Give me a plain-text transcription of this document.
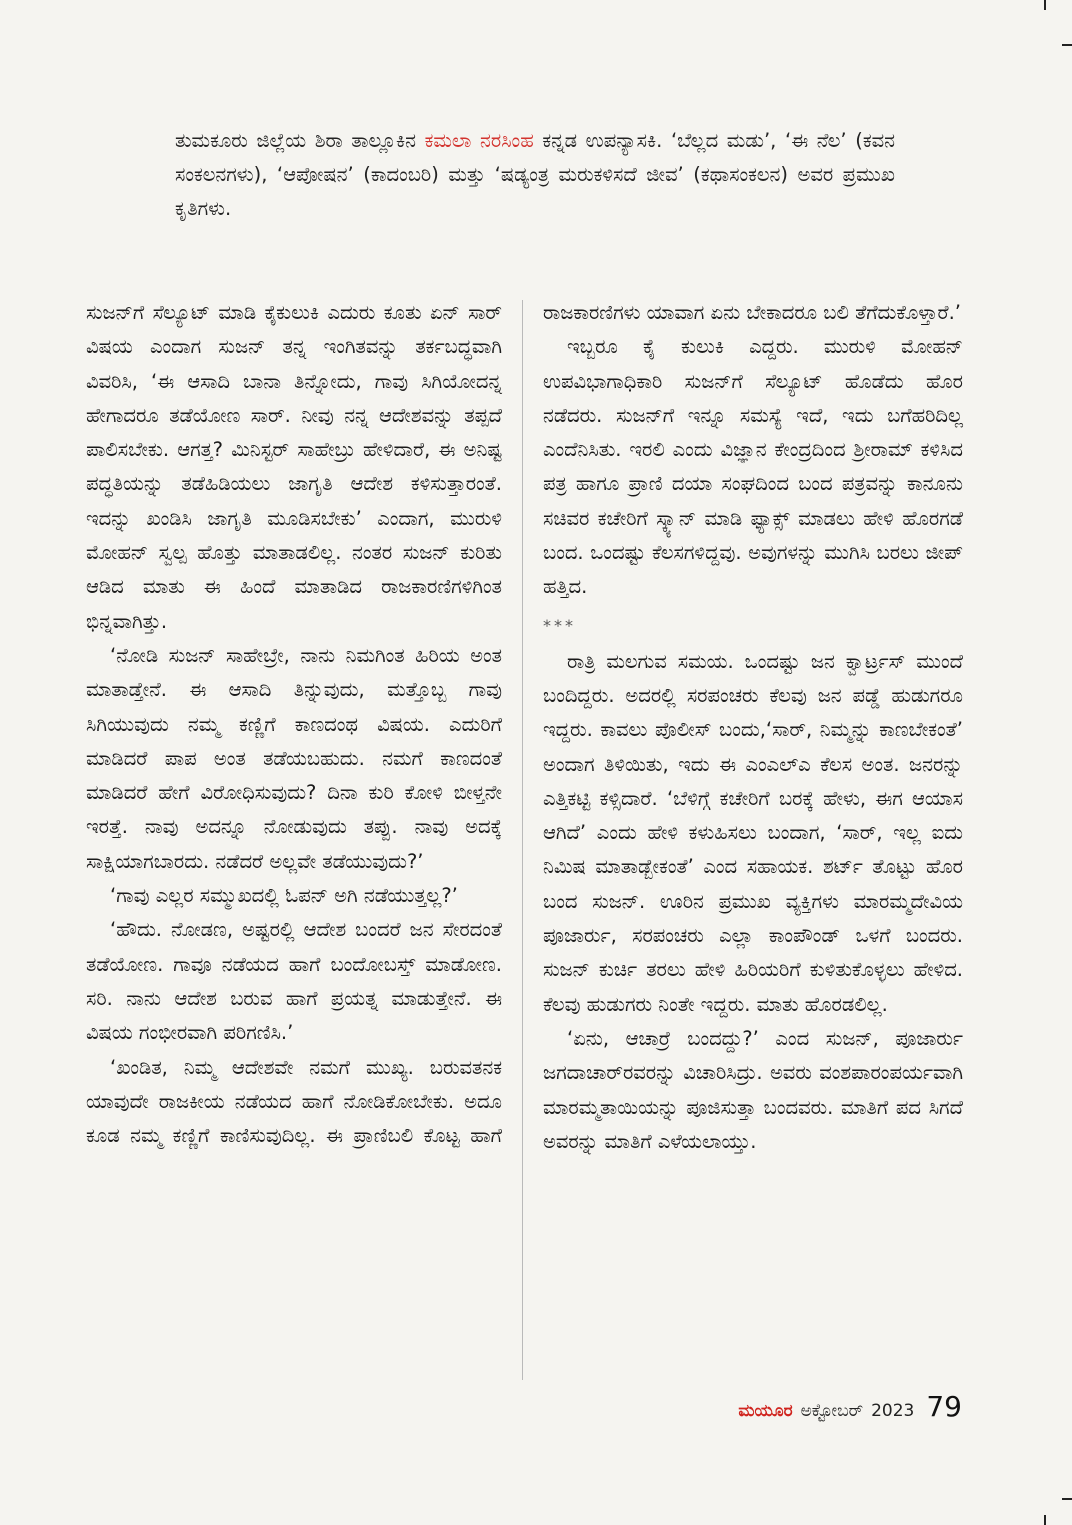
ತುಮಕೂರು ಜಿಲ್ಲೆಯ ಶಿರಾ ತಾಲ್ಲೂಕಿನ ಕಮಲಾ ನರಸಿಂಹ ಕನ್ನಡ ಉಪನ್ಯಾಸಕಿ. ‘ಬೆಲ್ಲದ ಮಡು’, ‘ಈ ನೆಲ’ (ಕವನ ಸಂಕಲನಗಳು), ‘ಆಪೋಷನ’ (ಕಾದಂಬರಿ) ಮತ್ತು ‘ಷಡ್ಯಂತ್ರ ಮರುಕಳಿಸದೆ ಜೀವ’ (ಕಥಾಸಂಕಲನ) ಅವರ ಪ್ರಮುಖ ಕೃತಿಗಳು.

ಸುಜನ್‌ಗೆ ಸೆಲ್ಯೂಟ್ ಮಾಡಿ ಕೈಕುಲುಕಿ ಎದುರು ಕೂತು ಏನ್ ಸಾರ್ ವಿಷಯ ಎಂದಾಗ ಸುಜನ್ ತನ್ನ ಇಂಗಿತವನ್ನು ತರ್ಕಬದ್ಧವಾಗಿ ವಿವರಿಸಿ, ‘ಈ ಆಸಾದಿ ಬಾನಾ ತಿನ್ನೋದು, ಗಾವು ಸಿಗಿಯೋದನ್ನ ಹೇಗಾದರೂ ತಡೆಯೋಣ ಸಾರ್. ನೀವು ನನ್ನ ಆದೇಶವನ್ನು ತಪ್ಪದೆ ಪಾಲಿಸಬೇಕು. ಆಗತ್ತ? ಮಿನಿಸ್ಟರ್ ಸಾಹೇಬ್ರು ಹೇಳಿದಾರೆ, ಈ ಅನಿಷ್ಟ ಪದ್ಧತಿಯನ್ನು ತಡೆಹಿಡಿಯಲು ಜಾಗೃತಿ ಆದೇಶ ಕಳಿಸುತ್ತಾರಂತೆ. ಇದನ್ನು ಖಂಡಿಸಿ ಜಾಗೃತಿ ಮೂಡಿಸಬೇಕು’ ಎಂದಾಗ, ಮುರುಳಿ ಮೋಹನ್ ಸ್ವಲ್ಪ ಹೊತ್ತು ಮಾತಾಡಲಿಲ್ಲ. ನಂತರ ಸುಜನ್ ಕುರಿತು ಆಡಿದ ಮಾತು ಈ ಹಿಂದೆ ಮಾತಾಡಿದ ರಾಜಕಾರಣಿಗಳಿಗಿಂತ ಭಿನ್ನವಾಗಿತ್ತು.

‘ನೋಡಿ ಸುಜನ್ ಸಾಹೇಬ್ರೇ, ನಾನು ನಿಮಗಿಂತ ಹಿರಿಯ ಅಂತ ಮಾತಾಡ್ತೇನೆ. ಈ ಆಸಾದಿ ತಿನ್ನುವುದು, ಮತ್ತೊಬ್ಬ ಗಾವು ಸಿಗಿಯುವುದು ನಮ್ಮ ಕಣ್ಣಿಗೆ ಕಾಣದಂಥ ವಿಷಯ. ಎದುರಿಗೆ ಮಾಡಿದರೆ ಪಾಪ ಅಂತ ತಡೆಯಬಹುದು. ನಮಗೆ ಕಾಣದಂತೆ ಮಾಡಿದರೆ ಹೇಗೆ ವಿರೋಧಿಸುವುದು? ದಿನಾ ಕುರಿ ಕೋಳಿ ಬೀಳ್ತನೇ ಇರತ್ತೆ. ನಾವು ಅದನ್ನೂ ನೋಡುವುದು ತಪ್ಪು. ನಾವು ಅದಕ್ಕೆ ಸಾಕ್ಷಿಯಾಗಬಾರದು. ನಡೆದರೆ ಅಲ್ಲವೇ ತಡೆಯುವುದು?’

‘ಗಾವು ಎಲ್ಲರ ಸಮ್ಮುಖದಲ್ಲಿ ಓಪನ್ ಅಗಿ ನಡೆಯುತ್ತಲ್ಲ?’

‘ಹೌದು. ನೋಡಣ, ಅಷ್ಟರಲ್ಲಿ ಆದೇಶ ಬಂದರೆ ಜನ ಸೇರದಂತೆ ತಡೆಯೋಣ. ಗಾವೂ ನಡೆಯದ ಹಾಗೆ ಬಂದೋಬಸ್ತ್ ಮಾಡೋಣ. ಸರಿ. ನಾನು ಆದೇಶ ಬರುವ ಹಾಗೆ ಪ್ರಯತ್ನ ಮಾಡುತ್ತೇನೆ. ಈ ವಿಷಯ ಗಂಭೀರವಾಗಿ ಪರಿಗಣಿಸಿ.’

‘ಖಂಡಿತ, ನಿಮ್ಮ ಆದೇಶವೇ ನಮಗೆ ಮುಖ್ಯ. ಬರುವತನಕ ಯಾವುದೇ ರಾಜಕೀಯ ನಡೆಯದ ಹಾಗೆ ನೋಡಿಕೋಬೇಕು. ಅದೂ ಕೂಡ ನಮ್ಮ ಕಣ್ಣಿಗೆ ಕಾಣಿಸುವುದಿಲ್ಲ. ಈ ಪ್ರಾಣಿಬಲಿ ಕೊಟ್ಟ ಹಾಗೆ

ರಾಜಕಾರಣಿಗಳು ಯಾವಾಗ ಏನು ಬೇಕಾದರೂ ಬಲಿ ತೆಗೆದುಕೊಳ್ತಾರೆ.’

ಇಬ್ಬರೂ ಕೈ ಕುಲುಕಿ ಎದ್ದರು. ಮುರುಳಿ ಮೋಹನ್ ಉಪವಿಭಾಗಾಧಿಕಾರಿ ಸುಜನ್‌ಗೆ ಸೆಲ್ಯೂಟ್ ಹೊಡೆದು ಹೊರ ನಡೆದರು. ಸುಜನ್‌ಗೆ ಇನ್ನೂ ಸಮಸ್ಯೆ ಇದೆ, ಇದು ಬಗೆಹರಿದಿಲ್ಲ ಎಂದೆನಿಸಿತು. ಇರಲಿ ಎಂದು ವಿಜ್ಞಾನ ಕೇಂದ್ರದಿಂದ ಶ್ರೀರಾಮ್ ಕಳಿಸಿದ ಪತ್ರ ಹಾಗೂ ಪ್ರಾಣಿ ದಯಾ ಸಂಘದಿಂದ ಬಂದ ಪತ್ರವನ್ನು ಕಾನೂನು ಸಚಿವರ ಕಚೇರಿಗೆ ಸ್ಕ್ಯಾನ್ ಮಾಡಿ ಫ್ಯಾಕ್ಸ್ ಮಾಡಲು ಹೇಳಿ ಹೊರಗಡೆ ಬಂದ. ಒಂದಷ್ಟು ಕೆಲಸಗಳಿದ್ದವು. ಅವುಗಳನ್ನು ಮುಗಿಸಿ ಬರಲು ಜೀಪ್ ಹತ್ತಿದ.

***

ರಾತ್ರಿ ಮಲಗುವ ಸಮಯ. ಒಂದಷ್ಟು ಜನ ಕ್ವಾರ್ಟ್ರಸ್ ಮುಂದೆ ಬಂದಿದ್ದರು. ಅದರಲ್ಲಿ ಸರಪಂಚರು ಕೆಲವು ಜನ ಪಡ್ಡೆ ಹುಡುಗರೂ ಇದ್ದರು. ಕಾವಲು ಪೊಲೀಸ್ ಬಂದು,‘ಸಾರ್, ನಿಮ್ಮನ್ನು ಕಾಣಬೇಕಂತೆ’ ಅಂದಾಗ ತಿಳಿಯಿತು, ಇದು ಈ ಎಂಎಲ್‌ಎ ಕೆಲಸ ಅಂತ. ಜನರನ್ನು ಎತ್ತಿಕಟ್ಟಿ ಕಳ್ಸಿದಾರೆ. ‘ಬೆಳಿಗ್ಗೆ ಕಚೇರಿಗೆ ಬರಕ್ಕೆ ಹೇಳು, ಈಗ ಆಯಾಸ ಆಗಿದೆ’ ಎಂದು ಹೇಳಿ ಕಳುಹಿಸಲು ಬಂದಾಗ, ‘ಸಾರ್, ಇಲ್ಲ ಐದು ನಿಮಿಷ ಮಾತಾಡ್ಬೇಕಂತೆ’ ಎಂದ ಸಹಾಯಕ. ಶರ್ಟ್ ತೊಟ್ಟು ಹೊರ ಬಂದ ಸುಜನ್. ಊರಿನ ಪ್ರಮುಖ ವ್ಯಕ್ತಿಗಳು ಮಾರಮ್ಮದೇವಿಯ ಪೂಜಾರ್ರು, ಸರಪಂಚರು ಎಲ್ಲಾ ಕಾಂಪೌಂಡ್ ಒಳಗೆ ಬಂದರು. ಸುಜನ್ ಕುರ್ಚಿ ತರಲು ಹೇಳಿ ಹಿರಿಯರಿಗೆ ಕುಳಿತುಕೊಳ್ಳಲು ಹೇಳಿದ. ಕೆಲವು ಹುಡುಗರು ನಿಂತೇ ಇದ್ದರು. ಮಾತು ಹೊರಡಲಿಲ್ಲ.

‘ಏನು, ಆಚಾರ್ರೆ ಬಂದದ್ದು?’ ಎಂದ ಸುಜನ್, ಪೂಜಾರ್ರು ಜಗದಾಚಾರ್‌ರವರನ್ನು ವಿಚಾರಿಸಿದ್ರು. ಅವರು ವಂಶಪಾರಂಪರ್ಯವಾಗಿ ಮಾರಮ್ಮತಾಯಿಯನ್ನು ಪೂಜಿಸುತ್ತಾ ಬಂದವರು. ಮಾತಿಗೆ ಪದ ಸಿಗದೆ ಅವರನ್ನು ಮಾತಿಗೆ ಎಳೆಯಲಾಯ್ತು.

ಮಯೂರ ಅಕ್ಟೋಬರ್ 2023 79
